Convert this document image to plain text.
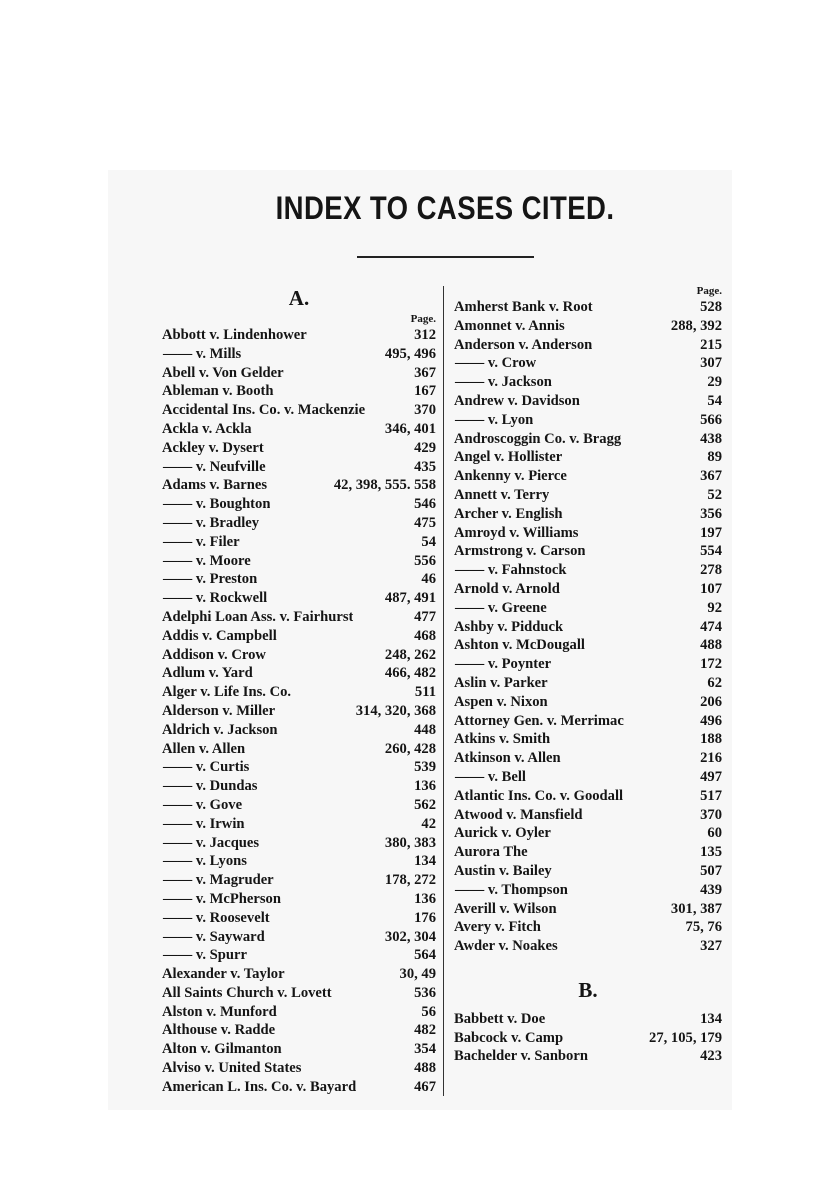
INDEX TO CASES CITED.
A.
Page.
Abbott v. Lindenhower	312
—— v. Mills	495, 496
Abell v. Von Gelder	367
Ableman v. Booth	167
Accidental Ins. Co. v. Mackenzie	370
Ackla v. Ackla	346, 401
Ackley v. Dysert	429
—— v. Neufville	435
Adams v. Barnes	42, 398, 555. 558
—— v. Boughton	546
—— v. Bradley	475
—— v. Filer	54
—— v. Moore	556
—— v. Preston	46
—— v. Rockwell	487, 491
Adelphi Loan Ass. v. Fairhurst	477
Addis v. Campbell	468
Addison v. Crow	248, 262
Adlum v. Yard	466, 482
Alger v. Life Ins. Co.	511
Alderson v. Miller	314, 320, 368
Aldrich v. Jackson	448
Allen v. Allen	260, 428
—— v. Curtis	539
—— v. Dundas	136
—— v. Gove	562
—— v. Irwin	42
—— v. Jacques	380, 383
—— v. Lyons	134
—— v. Magruder	178, 272
—— v. McPherson	136
—— v. Roosevelt	176
—— v. Sayward	302, 304
—— v. Spurr	564
Alexander v. Taylor	30, 49
All Saints Church v. Lovett	536
Alston v. Munford	56
Althouse v. Radde	482
Alton v. Gilmanton	354
Alviso v. United States	488
American L. Ins. Co. v. Bayard	467
Page.
Amherst Bank v. Root	528
Amonnet v. Annis	288, 392
Anderson v. Anderson	215
—— v. Crow	307
—— v. Jackson	29
Andrew v. Davidson	54
—— v. Lyon	566
Androscoggin Co. v. Bragg	438
Angel v. Hollister	89
Ankenny v. Pierce	367
Annett v. Terry	52
Archer v. English	356
Amroyd v. Williams	197
Armstrong v. Carson	554
—— v. Fahnstock	278
Arnold v. Arnold	107
—— v. Greene	92
Ashby v. Pidduck	474
Ashton v. McDougall	488
—— v. Poynter	172
Aslin v. Parker	62
Aspen v. Nixon	206
Attorney Gen. v. Merrimac	496
Atkins v. Smith	188
Atkinson v. Allen	216
—— v. Bell	497
Atlantic Ins. Co. v. Goodall	517
Atwood v. Mansfield	370
Aurick v. Oyler	60
Aurora The	135
Austin v. Bailey	507
—— v. Thompson	439
Averill v. Wilson	301, 387
Avery v. Fitch	75, 76
Awder v. Noakes	327
B.
Babbett v. Doe	134
Babcock v. Camp	27, 105, 179
Bachelder v. Sanborn	423
